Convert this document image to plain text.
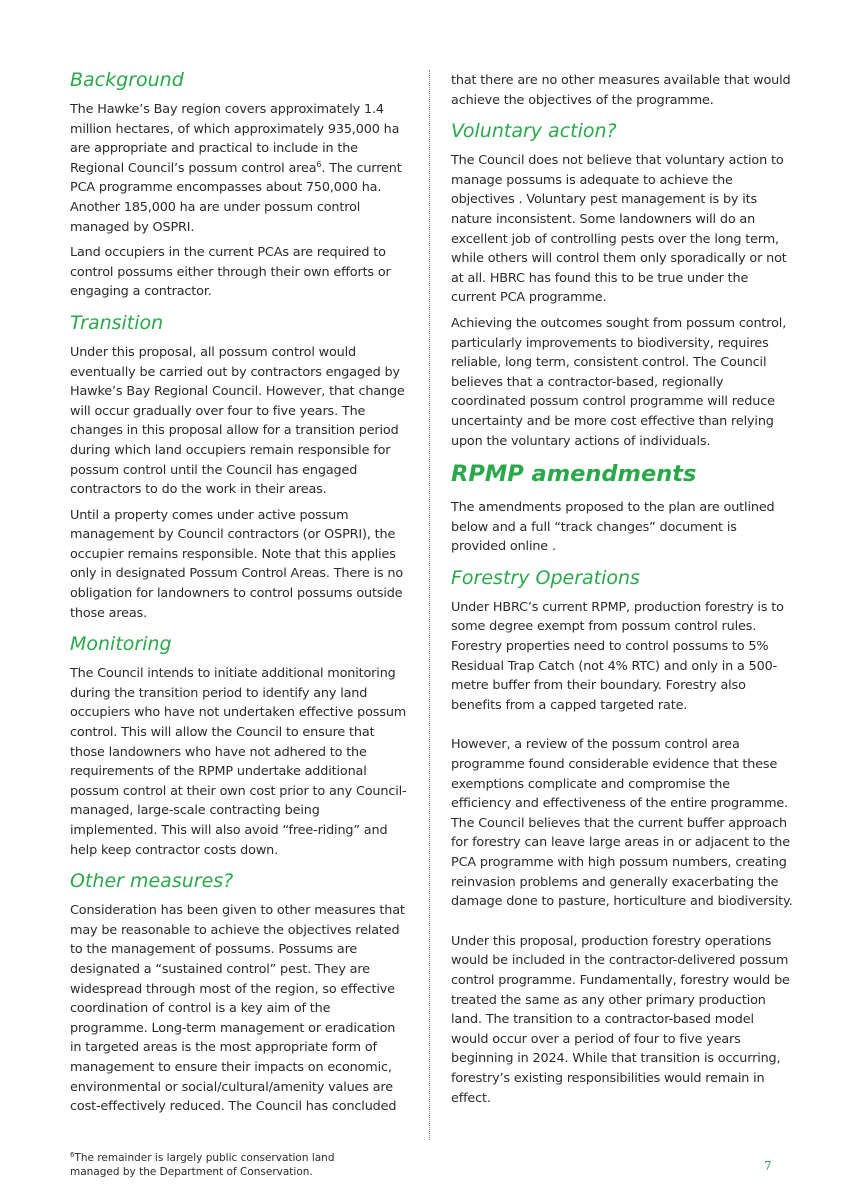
Background

The Hawke’s Bay region covers approximately 1.4 million hectares, of which approximately 935,000 ha are appropriate and practical to include in the Regional Council’s possum control area$^6$. The current PCA programme encompasses about 750,000 ha. Another 185,000 ha are under possum control managed by OSPRI.

Land occupiers in the current PCAs are required to control possums either through their own efforts or engaging a contractor.

Transition

Under this proposal, all possum control would eventually be carried out by contractors engaged by Hawke’s Bay Regional Council. However, that change will occur gradually over four to five years. The changes in this proposal allow for a transition period during which land occupiers remain responsible for possum control until the Council has engaged contractors to do the work in their areas.

Until a property comes under active possum management by Council contractors (or OSPRI), the occupier remains responsible. Note that this applies only in designated Possum Control Areas. There is no obligation for landowners to control possums outside those areas.

Monitoring

The Council intends to initiate additional monitoring during the transition period to identify any land occupiers who have not undertaken effective possum control. This will allow the Council to ensure that those landowners who have not adhered to the requirements of the RPMP undertake additional possum control at their own cost prior to any Council-managed, large-scale contracting being implemented. This will also avoid “free-riding” and help keep contractor costs down.

Other measures?

Consideration has been given to other measures that may be reasonable to achieve the objectives related to the management of possums. Possums are designated a “sustained control” pest. They are widespread through most of the region, so effective coordination of control is a key aim of the programme. Long-term management or eradication in targeted areas is the most appropriate form of management to ensure their impacts on economic, environmental or social/cultural/amenity values are cost-effectively reduced. The Council has concluded

that there are no other measures available that would achieve the objectives of the programme.

Voluntary action?

The Council does not believe that voluntary action to manage possums is adequate to achieve the objectives . Voluntary pest management is by its nature inconsistent. Some landowners will do an excellent job of controlling pests over the long term, while others will control them only sporadically or not at all. HBRC has found this to be true under the current PCA programme.

Achieving the outcomes sought from possum control, particularly improvements to biodiversity, requires reliable, long term, consistent control. The Council believes that a contractor-based, regionally coordinated possum control programme will reduce uncertainty and be more cost effective than relying upon the voluntary actions of individuals.

RPMP amendments

The amendments proposed to the plan are outlined below and a full “track changes” document is provided online .

Forestry Operations

Under HBRC’s current RPMP, production forestry is to some degree exempt from possum control rules. Forestry properties need to control possums to 5% Residual Trap Catch (not 4% RTC) and only in a 500-metre buffer from their boundary. Forestry also benefits from a capped targeted rate.

However, a review of the possum control area programme found considerable evidence that these exemptions complicate and compromise the efficiency and effectiveness of the entire programme. The Council believes that the current buffer approach for forestry can leave large areas in or adjacent to the PCA programme with high possum numbers, creating reinvasion problems and generally exacerbating the damage done to pasture, horticulture and biodiversity.

Under this proposal, production forestry operations would be included in the contractor-delivered possum control programme. Fundamentally, forestry would be treated the same as any other primary production land. The transition to a contractor-based model would occur over a period of four to five years beginning in 2024. While that transition is occurring, forestry’s existing responsibilities would remain in effect.

$^6$The remainder is largely public conservation land managed by the Department of Conservation.	7
